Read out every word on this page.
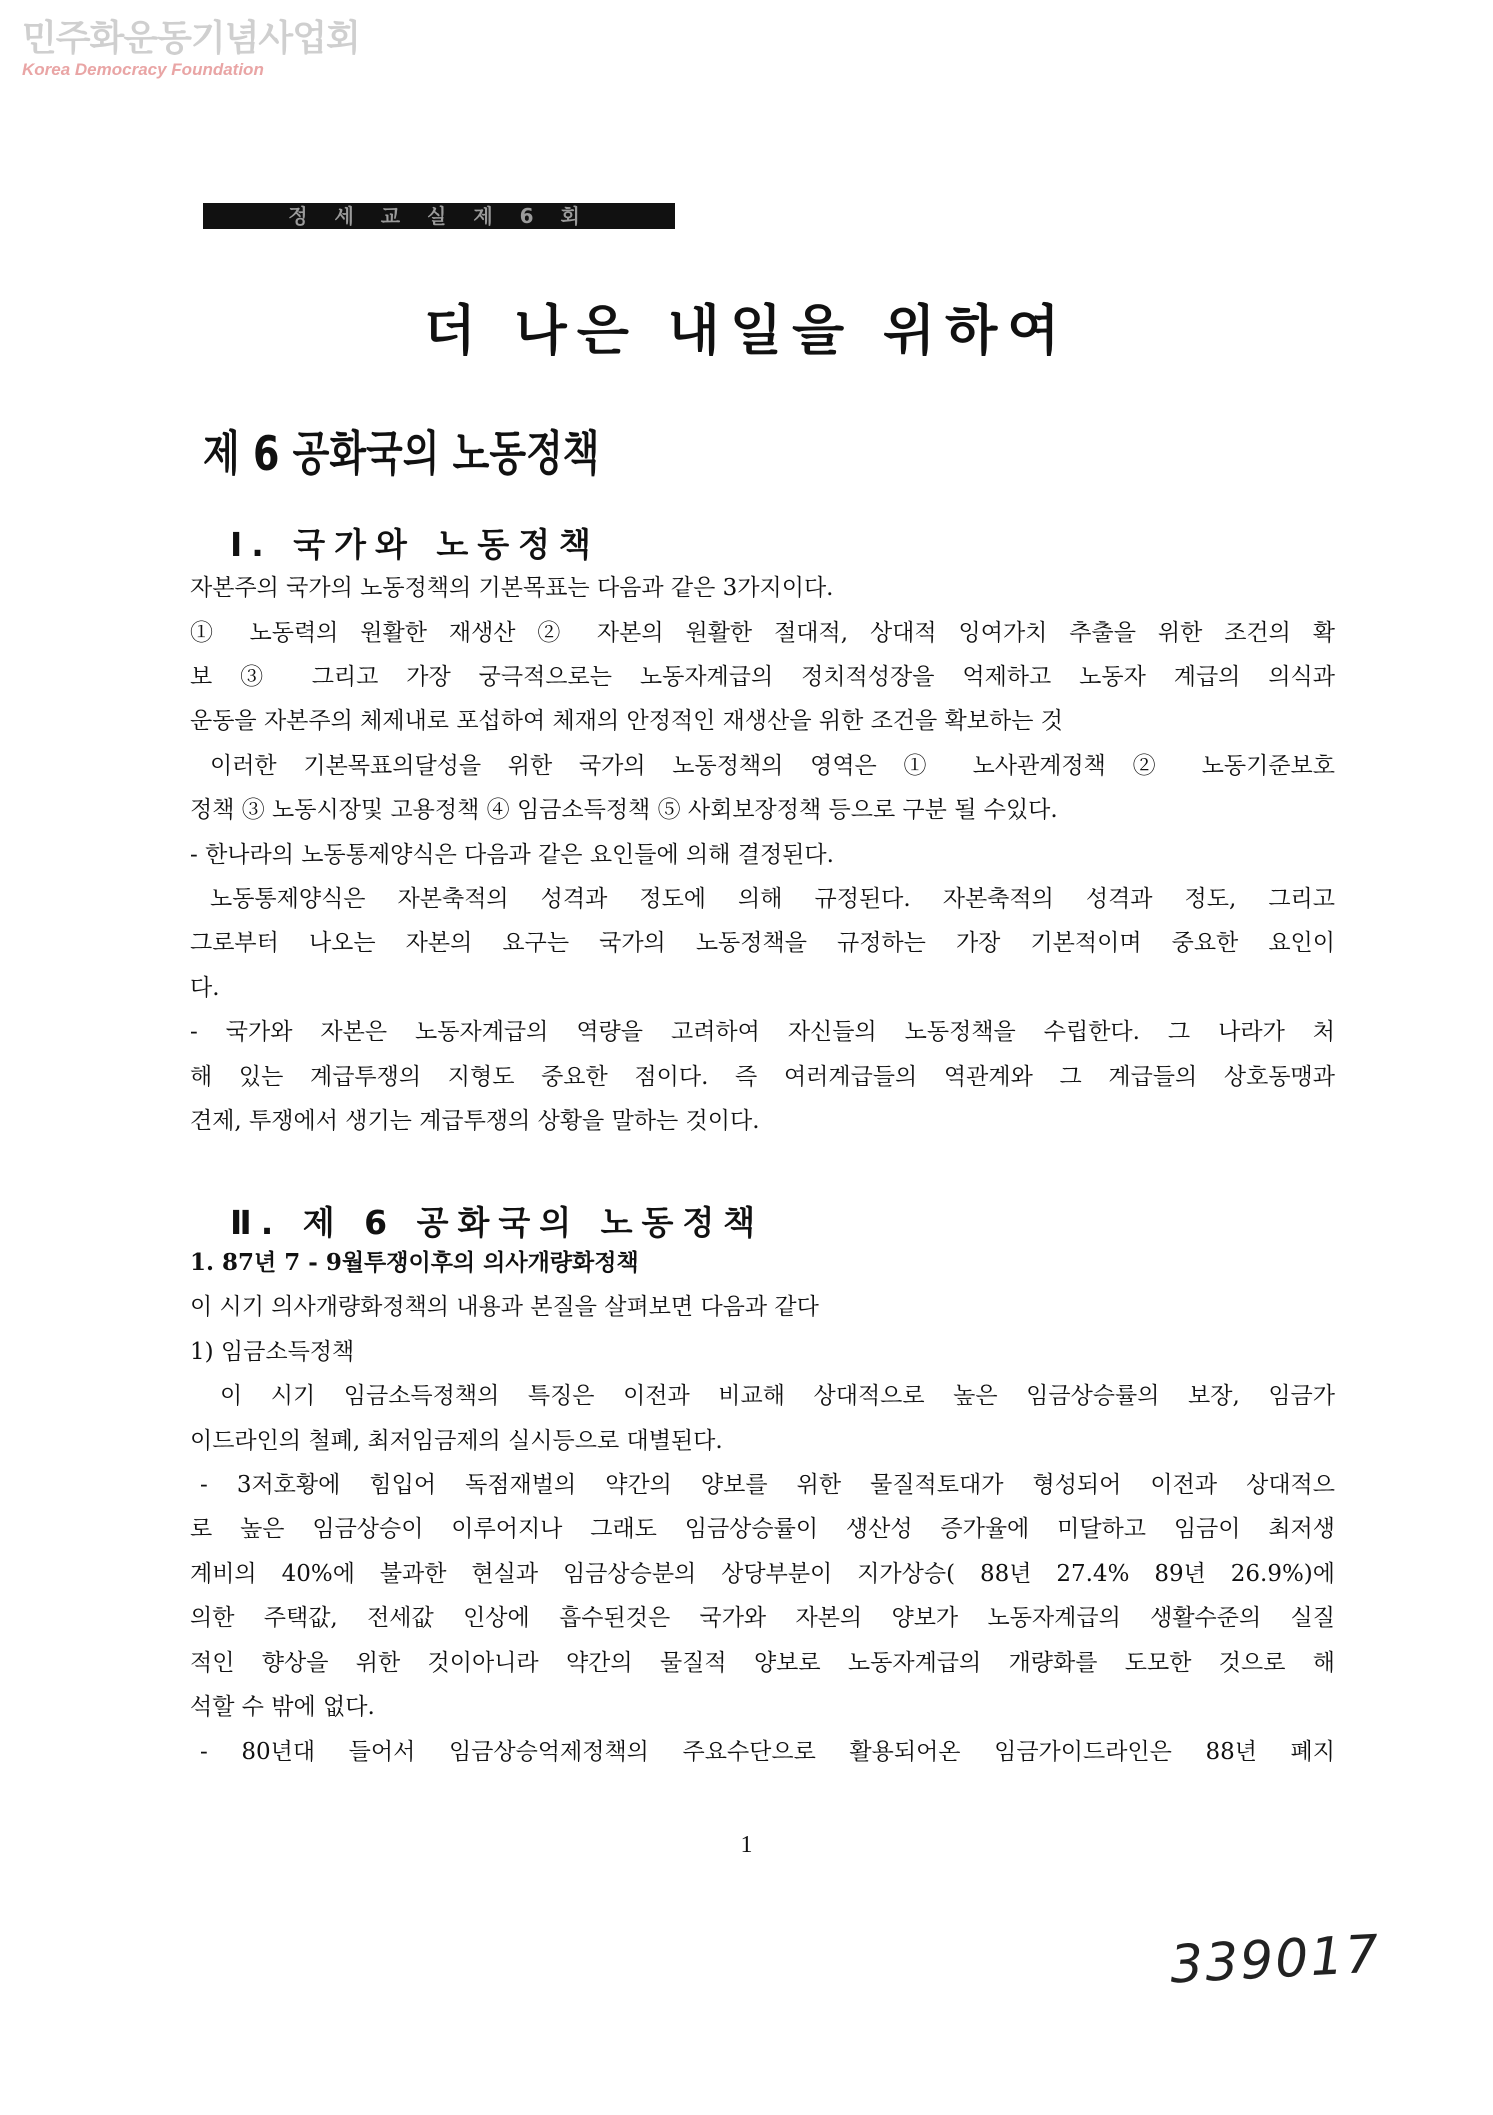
민주화운동기념사업회
Korea Democracy Foundation
정 세 교 실 제 6 회
더 나은 내일을 위하여
제 6 공화국의 노동정책
Ⅰ. 국가와 노동정책
자본주의 국가의 노동정책의 기본목표는 다음과 같은 3가지이다.
① 노동력의 원활한 재생산 ② 자본의 원활한 절대적, 상대적 잉여가치 추출을 위한 조건의 확
보 ③ 그리고 가장 궁극적으로는 노동자계급의 정치적성장을 억제하고 노동자 계급의 의식과
운동을 자본주의 체제내로 포섭하여 체재의 안정적인 재생산을 위한 조건을 확보하는 것
이러한 기본목표의달성을 위한 국가의 노동정책의 영역은 ① 노사관계정책 ② 노동기준보호
정책 ③ 노동시장및 고용정책 ④ 임금소득정책 ⑤ 사회보장정책 등으로 구분 될 수있다.
- 한나라의 노동통제양식은 다음과 같은 요인들에 의해 결정된다.
노동통제양식은 자본축적의 성격과 정도에 의해 규정된다. 자본축적의 성격과 정도, 그리고
그로부터 나오는 자본의 요구는 국가의 노동정책을 규정하는 가장 기본적이며 중요한 요인이
다.
- 국가와 자본은 노동자계급의 역량을 고려하여 자신들의 노동정책을 수립한다. 그 나라가 처
해 있는 계급투쟁의 지형도 중요한 점이다. 즉 여러계급들의 역관계와 그 계급들의 상호동맹과
견제, 투쟁에서 생기는 계급투쟁의 상황을 말하는 것이다.
Ⅱ. 제 6 공화국의 노동정책
1. 87년 7 - 9월투쟁이후의 의사개량화정책
이 시기 의사개량화정책의 내용과 본질을 살펴보면 다음과 같다
1) 임금소득정책
이 시기 임금소득정책의 특징은 이전과 비교해 상대적으로 높은 임금상승률의 보장, 임금가
이드라인의 철폐, 최저임금제의 실시등으로 대별된다.
- 3저호황에 힘입어 독점재벌의 약간의 양보를 위한 물질적토대가 형성되어 이전과 상대적으
로 높은 임금상승이 이루어지나 그래도 임금상승률이 생산성 증가율에 미달하고 임금이 최저생
계비의 40%에 불과한 현실과 임금상승분의 상당부분이 지가상승( 88년 27.4% 89년 26.9%)에
의한 주택값, 전세값 인상에 흡수된것은 국가와 자본의 양보가 노동자계급의 생활수준의 실질
적인 향상을 위한 것이아니라 약간의 물질적 양보로 노동자계급의 개량화를 도모한 것으로 해
석할 수 밖에 없다.
- 80년대 들어서 임금상승억제정책의 주요수단으로 활용되어온 임금가이드라인은 88년 폐지
1
339017
